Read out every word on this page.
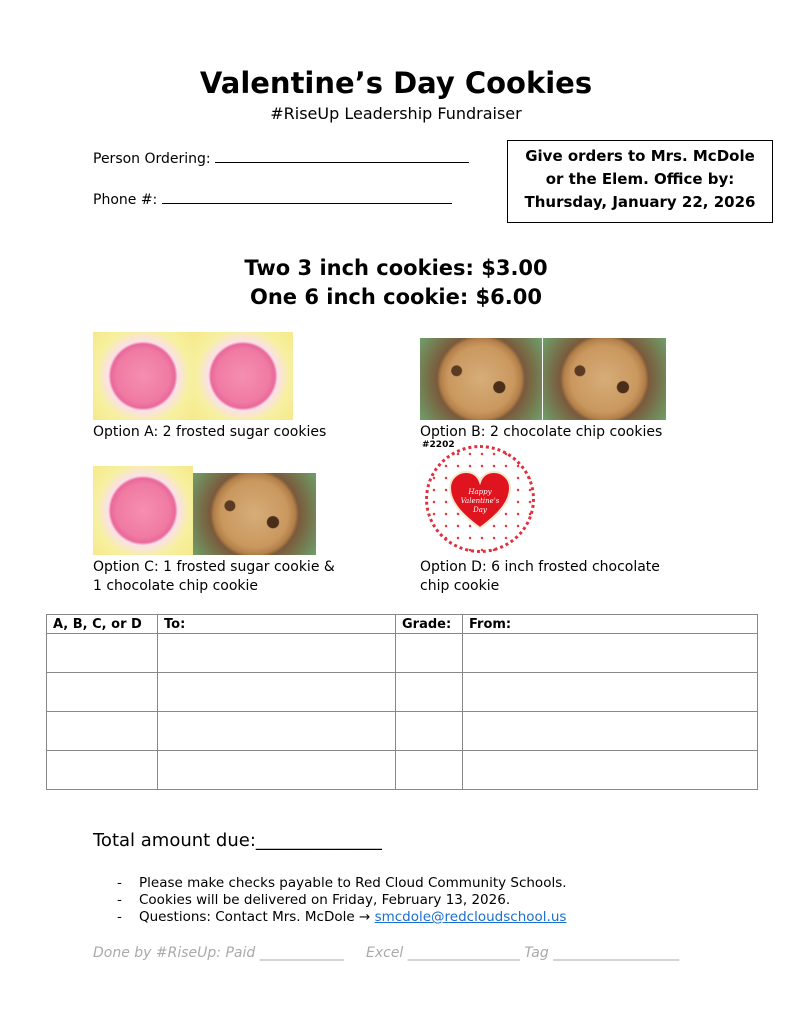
Valentine’s Day Cookies
#RiseUp Leadership Fundraiser
Person Ordering:
Phone #:
Give orders to Mrs. McDole
or the Elem. Office by:
Thursday, January 22, 2026
Two 3 inch cookies: $3.00
One 6 inch cookie: $6.00
Option A: 2 frosted sugar cookies	Option B: 2 chocolate chip cookies
Option C: 1 frosted sugar cookie &
1 chocolate chip cookie
#2202
Happy
Valentine's
Day
Option D: 6 inch frosted chocolate
chip cookie
A, B, C, or D	To:	Grade:	From:

Total amount due:______________
- Please make checks payable to Red Cloud Community Schools.
- Cookies will be delivered on Friday, February 13, 2026.
- Questions: Contact Mrs. McDole → smcdole@redcloudschool.us
Done by #RiseUp: Paid ____________ Excel ________________ Tag __________________
